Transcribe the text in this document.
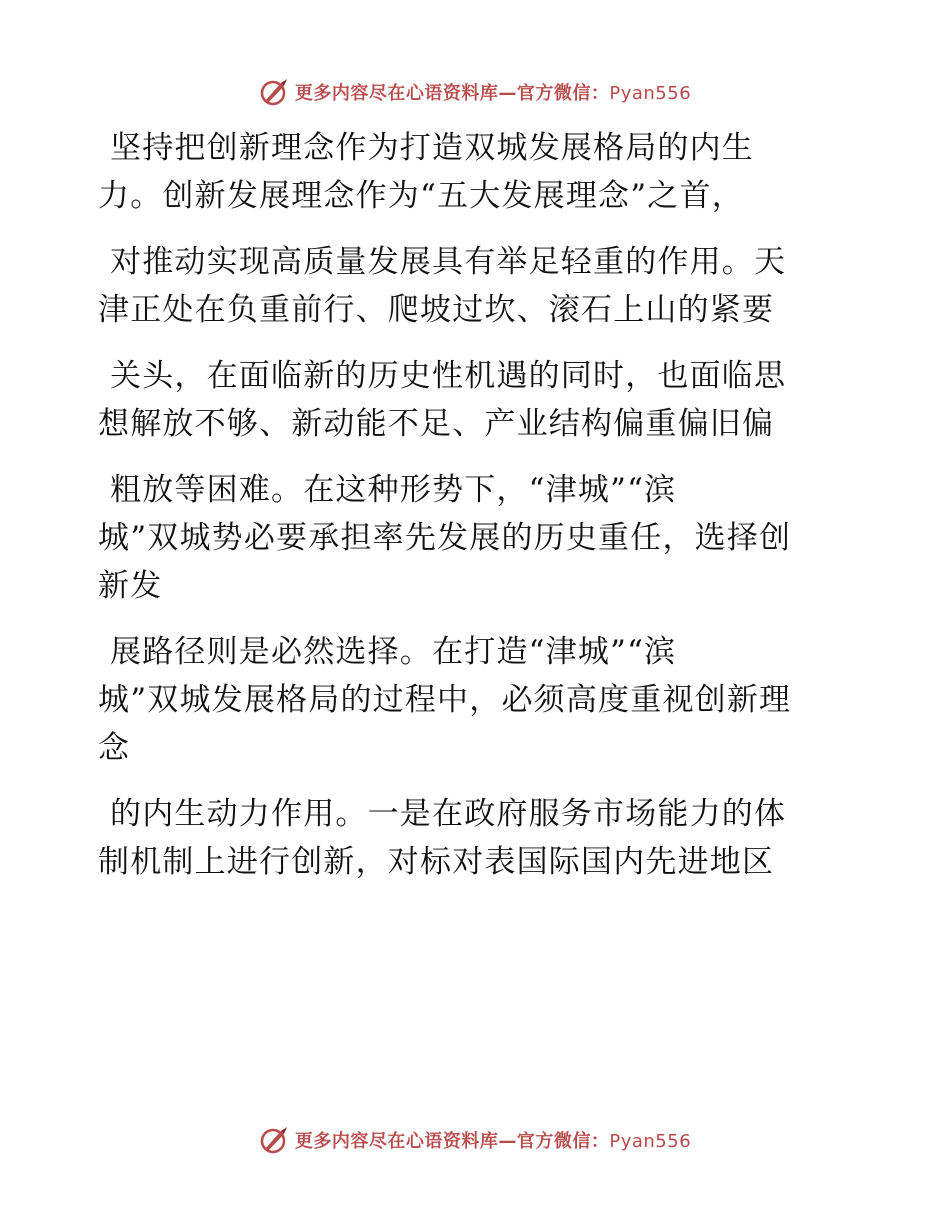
更多内容尽在心语资料库—官方微信：Pyan556
坚持把创新理念作为打造双城发展格局的内生
力。创新发展理念作为“五大发展理念”之首，
对推动实现高质量发展具有举足轻重的作用。天
津正处在负重前行、爬坡过坎、滚石上山的紧要
关头，在面临新的历史性机遇的同时，也面临思
想解放不够、新动能不足、产业结构偏重偏旧偏
粗放等困难。在这种形势下，“津城”“滨
城”双城势必要承担率先发展的历史重任，选择创
新发
展路径则是必然选择。在打造“津城”“滨
城”双城发展格局的过程中，必须高度重视创新理
念
的内生动力作用。一是在政府服务市场能力的体
制机制上进行创新，对标对表国际国内先进地区
更多内容尽在心语资料库—官方微信：Pyan556
